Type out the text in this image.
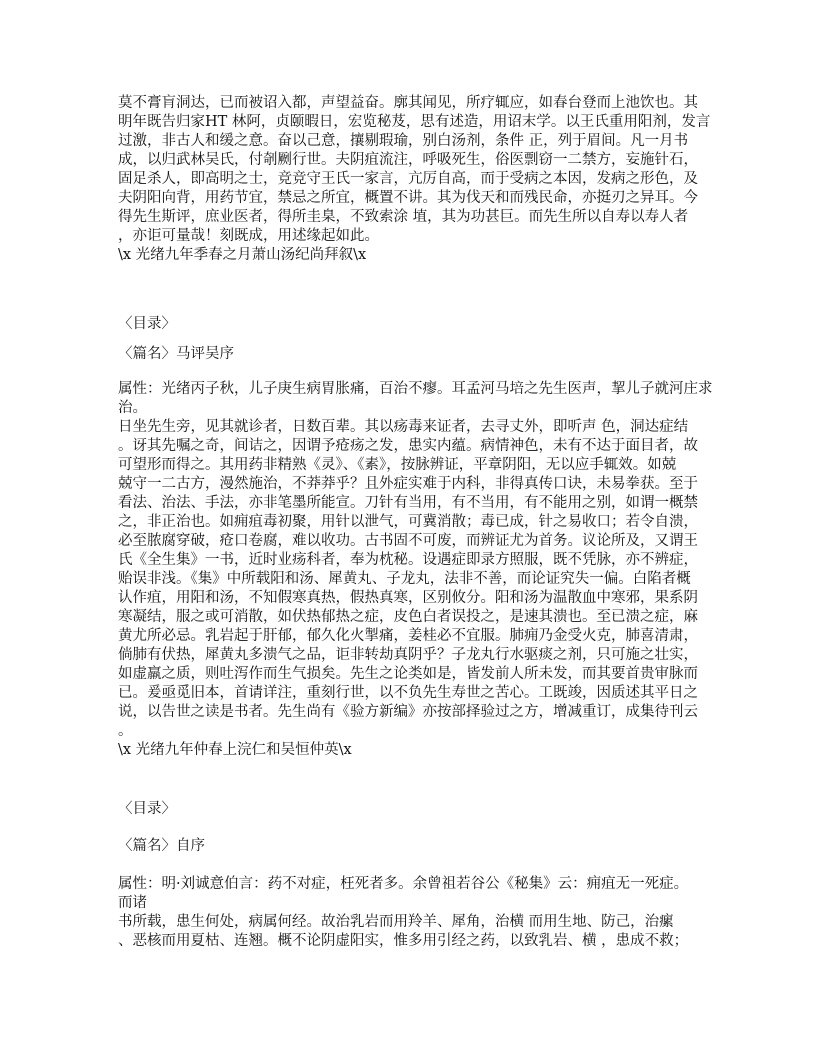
莫不膏肓洞达，已而被诏入都，声望益奋。廓其闻见，所疗辄应，如春台登而上池饮也。其
明年既告归家HT 林阿，贞颐暇日，宏览秘芨，思有述造，用诏末学。以王氏重用阳剂，发言
过激，非古人和缓之意。奋以己意，攘剔瑕瑜，别白汤剂，条件 正，列于眉间。凡一月书
成，以归武林吴氏，付剞劂行世。夫阴疽流注，呼吸死生，俗医剽窃一二禁方，妄施针石，
固足杀人，即高明之士，竞竞守王氏一家言，亢厉自高，而于受病之本因，发病之形色，及
夫阴阳向背，用药节宜，禁忌之所宜，概置不讲。其为伐天和而残民命，亦挺刃之异耳。今
得先生斯评，庶业医者，得所圭臬，不致索涂 埴，其为功甚巨。而先生所以自寿以寿人者
，亦讵可量哉！刻既成，用述缘起如此。
\x 光绪九年季春之月萧山汤纪尚拜叙\x
〈目录〉
〈篇名〉马评吴序
属性：光绪丙子秋，儿子庚生病胃胀痛，百治不瘳。耳孟河马培之先生医声，挈儿子就河庄求
治。
日坐先生旁，见其就诊者，日数百辈。其以疡毒来证者，去寻丈外，即听声 色，洞达症结
。讶其先嘱之奇，间诘之，因谓予疮疡之发，患实内蕴。病情神色，未有不达于面目者，故
可望形而得之。其用药非精熟《灵》、《素》，按脉辨证，平章阴阳，无以应手辄效。如兢
兢守一二古方，漫然施治，不莽莽乎？且外症实难于内科，非得真传口诀，未易拳获。至于
看法、治法、手法，亦非笔墨所能宣。刀针有当用，有不当用，有不能用之别，如谓一概禁
之，非正治也。如痈疽毒初聚，用针以泄气，可冀消散；毒已成，针之易收口；若令自溃，
必至脓腐穿破，疮口卷腐，难以收功。古书固不可废，而辨证尤为首务。议论所及，又谓王
氏《全生集》一书，近时业疡科者，奉为枕秘。设遇症即录方照服，既不凭脉，亦不辨症，
贻误非浅。《集》中所载阳和汤、犀黄丸、子龙丸，法非不善，而论证究失一偏。白陷者概
认作疽，用阳和汤，不知假寒真热，假热真寒，区别攸分。阳和汤为温散血中寒邪，果系阴
寒凝结，服之或可消散，如伏热郁热之症，皮色白者误投之，是速其溃也。至已溃之症，麻
黄尤所必忌。乳岩起于肝郁，郁久化火掣痛，姜桂必不宜服。肺痈乃金受火克，肺喜清肃，
倘肺有伏热，犀黄丸多溃气之品，讵非转劫真阴乎？子龙丸行水驱痰之剂，只可施之壮实，
如虚羸之质，则吐泻作而生气损矣。先生之论类如是，皆发前人所未发，而其要首贵审脉而
已。爰亟觅旧本，首请详注，重刻行世，以不负先生寿世之苦心。工既竣，因质述其平日之
说，以告世之读是书者。先生尚有《验方新编》亦按部择验过之方，增减重订，成集待刊云
。
\x 光绪九年仲春上浣仁和吴恒仲英\x
〈目录〉
〈篇名〉自序
属性：明·刘诚意伯言：药不对症，枉死者多。余曾祖若谷公《秘集》云：痈疽无一死症。
而诸
书所载，患生何处，病属何经。故治乳岩而用羚羊、犀角，治横 而用生地、防己，治瘰
、恶核而用夏枯、连翘。概不论阴虚阳实，惟多用引经之药，以致乳岩、横 ，患成不救；
